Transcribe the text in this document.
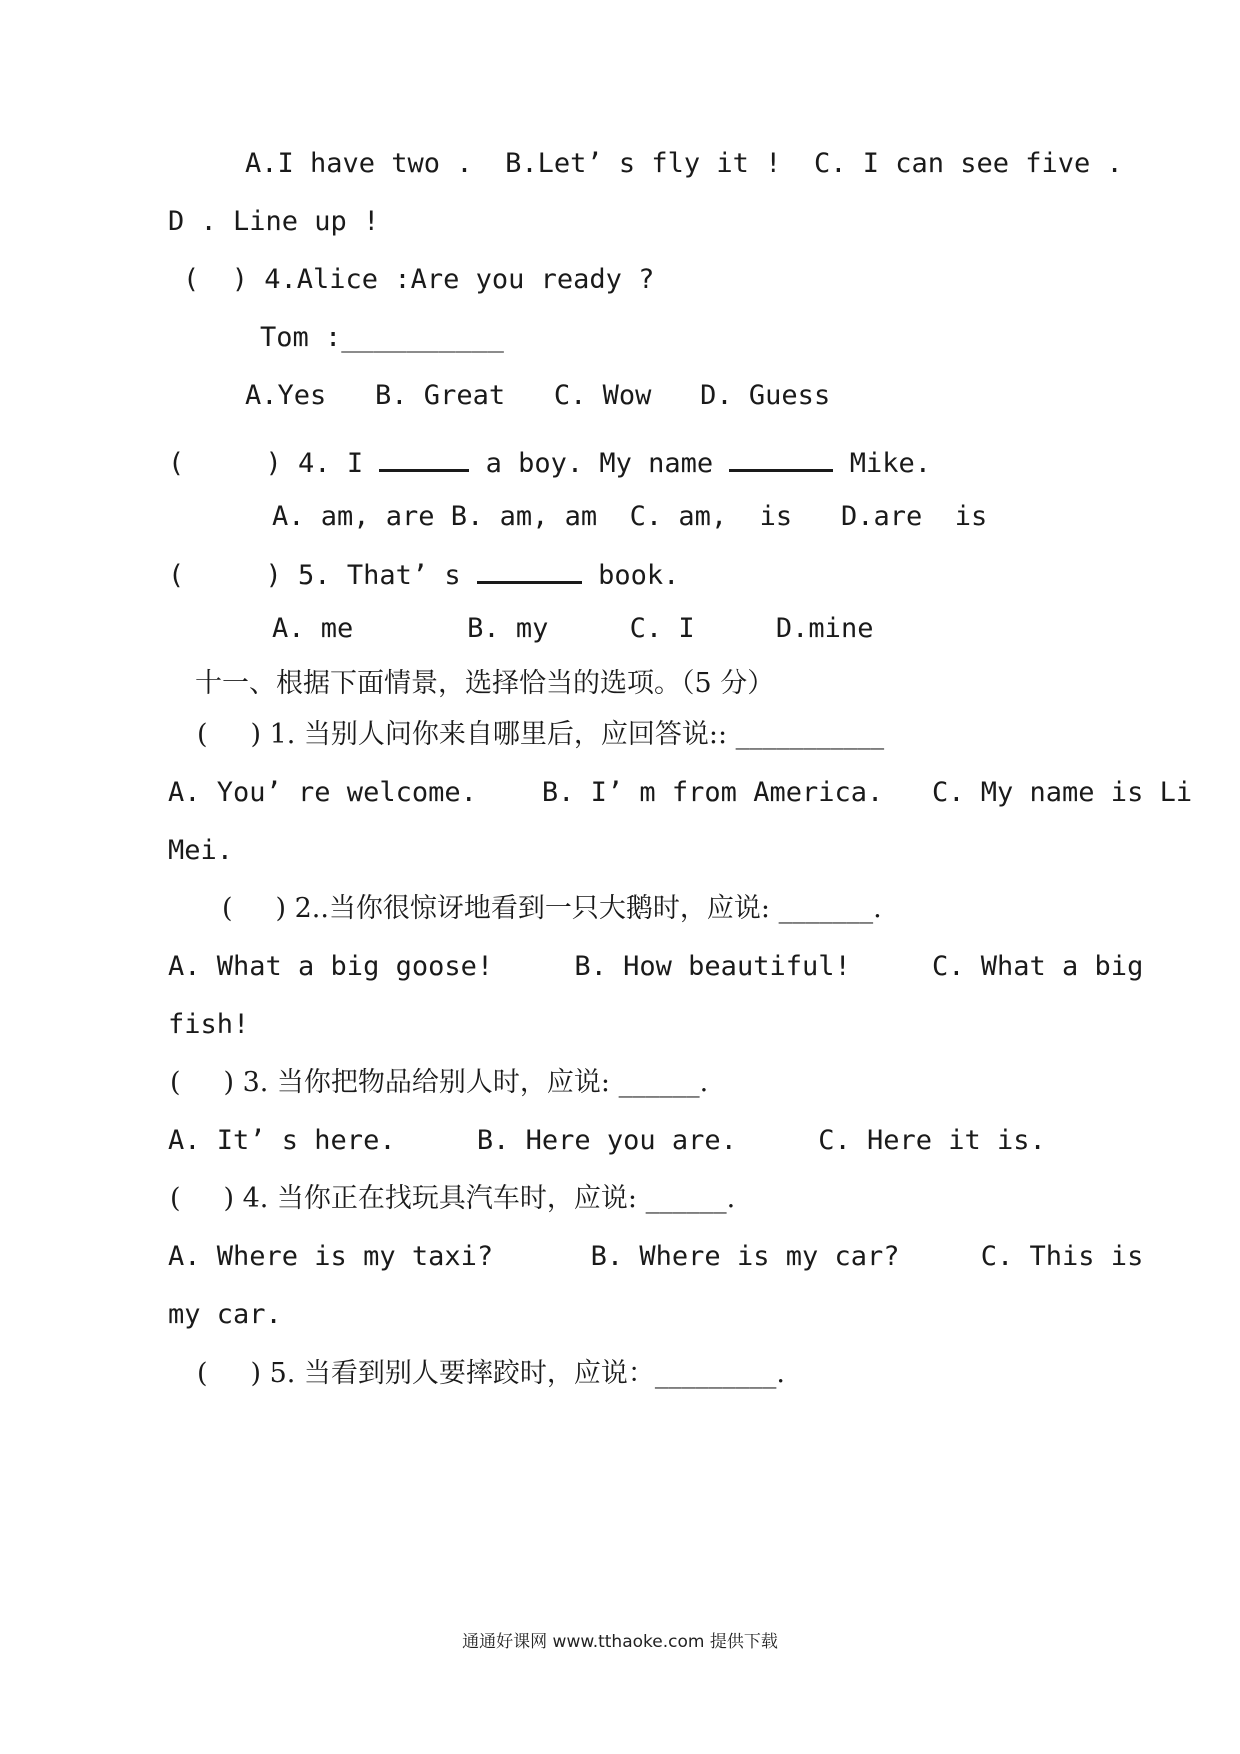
A.I have two .  B.Let’ s fly it !  C. I can see five .
D . Line up !
(  ) 4.Alice :Are you ready ?
Tom :__________
A.Yes   B. Great   C. Wow   D. Guess
(     ) 4. I	a boy. My name	Mike.
A. am, are B. am, am  C. am,  is   D.are  is
(     ) 5. That’ s	book.
A. me       B. my     C. I     D.mine
十一、根据下面情景，选择恰当的选项。（5 分）
(     ) 1. 当别人问你来自哪里后，应回答说:: ___________
A. You’ re welcome.    B. I’ m from America.   C. My name is Li
Mei.
(     ) 2..当你很惊讶地看到一只大鹅时，应说: _______.
A. What a big goose!     B. How beautiful!     C. What a big
fish!
(     ) 3. 当你把物品给别人时，应说: ______.
A. It’ s here.     B. Here you are.     C. Here it is.
(     ) 4. 当你正在找玩具汽车时，应说: ______.
A. Where is my taxi?      B. Where is my car?     C. This is
my car.
(     ) 5. 当看到别人要摔跤时，应说：_________.
通通好课网 www.tthaoke.com 提供下载
